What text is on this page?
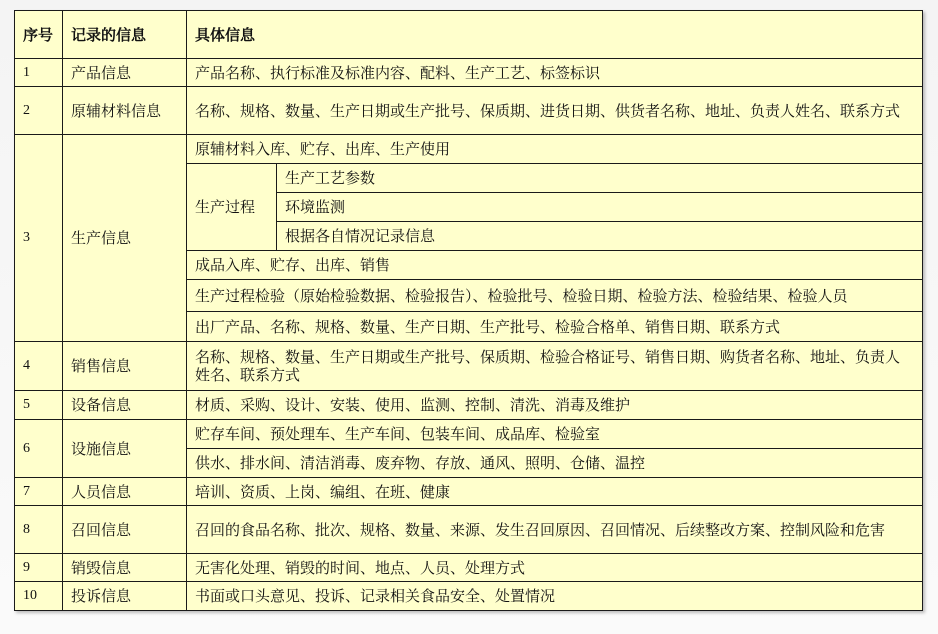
序号	记录的信息	具体信息	
1	产品信息	产品名称、执行标准及标准内容、配料、生产工艺、标签标识	
2	原辅材料信息	名称、规格、数量、生产日期或生产批号、保质期、进货日期、供货者名称、地址、负责人姓名、联系方式	
3	生产信息	原辅材料入库、贮存、出库、生产使用	
		生产过程	生产工艺参数
			环境监测
			根据各自情况记录信息
		成品入库、贮存、出库、销售	
		生产过程检验（原始检验数据、检验报告）、检验批号、检验日期、检验方法、检验结果、检验人员	
		出厂产品、名称、规格、数量、生产日期、生产批号、检验合格单、销售日期、联系方式	
4	销售信息	名称、规格、数量、生产日期或生产批号、保质期、检验合格证号、销售日期、购货者名称、地址、负责人姓名、联系方式	
5	设备信息	材质、采购、设计、安装、使用、监测、控制、清洗、消毒及维护	
6	设施信息	贮存车间、预处理车、生产车间、包装车间、成品库、检验室	
		供水、排水间、清洁消毒、废弃物、存放、通风、照明、仓储、温控	
7	人员信息	培训、资质、上岗、编组、在班、健康	
8	召回信息	召回的食品名称、批次、规格、数量、来源、发生召回原因、召回情况、后续整改方案、控制风险和危害	
9	销毁信息	无害化处理、销毁的时间、地点、人员、处理方式	
10	投诉信息	书面或口头意见、投诉、记录相关食品安全、处置情况	
